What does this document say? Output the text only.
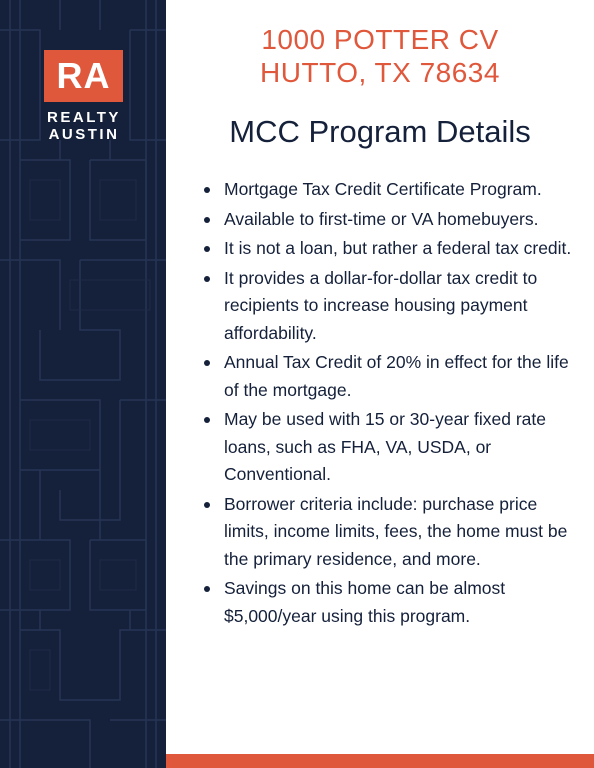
RA
REALTY
AUSTIN
1000 POTTER CV
HUTTO, TX 78634
MCC Program Details
Mortgage Tax Credit Certificate Program.
Available to first-time or VA homebuyers.
It is not a loan, but rather a federal tax credit.
It provides a dollar-for-dollar tax credit to recipients to increase housing payment affordability.
Annual Tax Credit of 20% in effect for the life of the mortgage.
May be used with 15 or 30-year fixed rate loans, such as FHA, VA, USDA, or Conventional.
Borrower criteria include: purchase price limits, income limits, fees, the home must be the primary residence, and more.
Savings on this home can be almost $5,000/year using this program.
